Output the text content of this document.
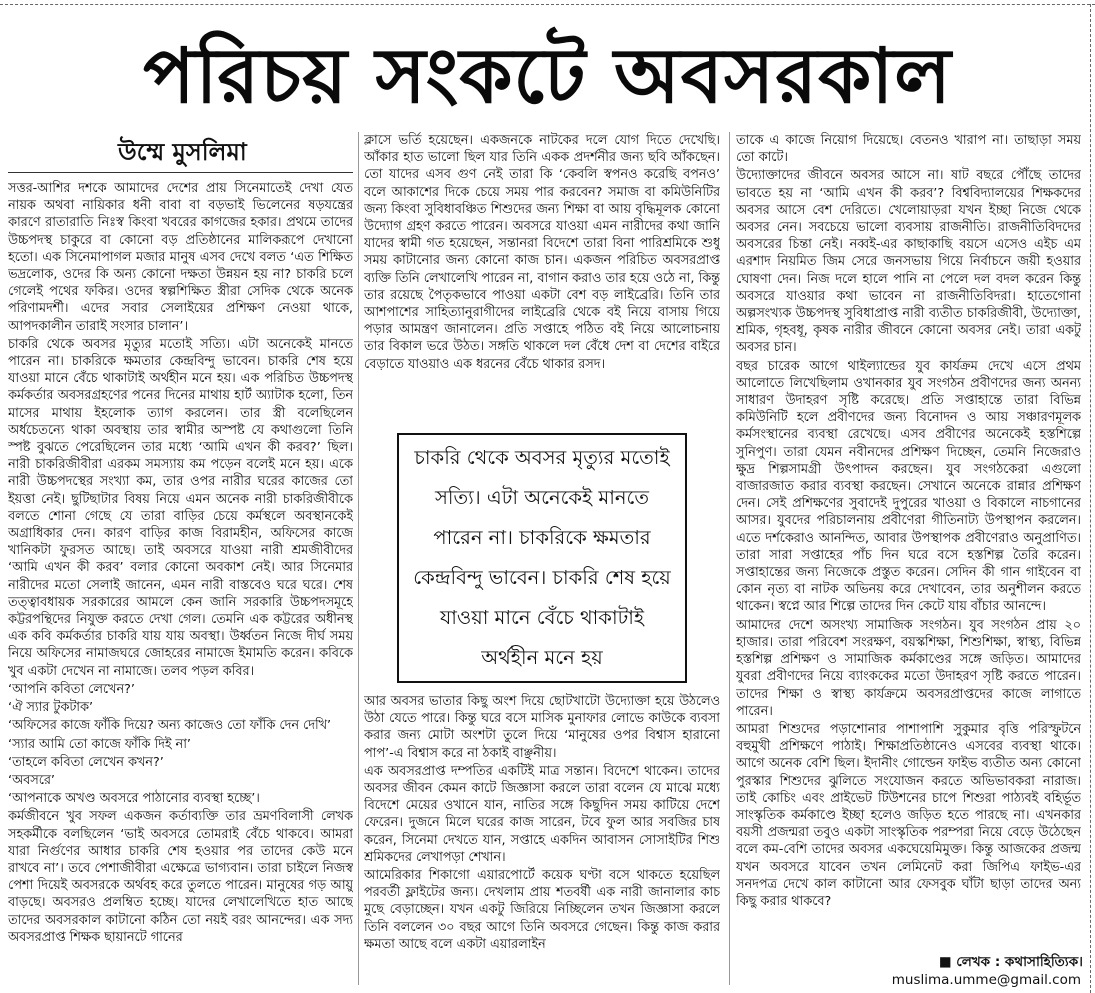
পরিচয় সংকটে অবসরকাল
উম্মে মুসলিমা

সত্তর-আশির দশকে আমাদের দেশের প্রায় সিনেমাতেই দেখা যেত নায়ক অথবা নায়িকার ধনী বাবা বা বড়ভাই ভিলেনের ষড়যন্ত্রের কারণে রাতারাতি নিঃস্ব কিংবা খবরের কাগজের হকার। প্রথমে তাদের উচ্চপদস্থ চাকুরে বা কোনো বড় প্রতিষ্ঠানের মালিকরূপে দেখানো হতো। এক সিনেমাপাগল মজার মানুষ এসব দেখে বলত ‘এত শিক্ষিত ভদ্রলোক, ওদের কি অন্য কোনো দক্ষতা উন্নয়ন হয় না? চাকরি চলে গেলেই পথের ফকির। ওদের স্বল্পশিক্ষিত স্ত্রীরা সেদিক থেকে অনেক পরিণামদর্শী। এদের সবার সেলাইয়ের প্রশিক্ষণ নেওয়া থাকে, আপদকালীন তারাই সংসার চালান’।

চাকরি থেকে অবসর মৃত্যুর মতোই সত্যি। এটা অনেকেই মানতে পারেন না। চাকরিকে ক্ষমতার কেন্দ্রবিন্দু ভাবেন। চাকরি শেষ হয়ে যাওয়া মানে বেঁচে থাকাটাই অর্থহীন মনে হয়। এক পরিচিত উচ্চপদস্থ কর্মকর্তার অবসরগ্রহণের পনের দিনের মাথায় হার্ট অ্যাটাক হলো, তিন মাসের মাথায় ইহলোক ত্যাগ করলেন। তার স্ত্রী বলেছিলেন অর্ধচেতন্যে থাকা অবস্থায় তার স্বামীর অস্পষ্ট যে কথাগুলো তিনি স্পষ্ট বুঝতে পেরেছিলেন তার মধ্যে ‘আমি এখন কী করব?’ ছিল। নারী চাকরিজীবীরা এরকম সমস্যায় কম পড়েন বলেই মনে হয়। একে নারী উচ্চপদস্থের সংখ্যা কম, তার ওপর নারীর ঘরের কাজের তো ইয়ত্তা নেই। ছুটিছাটার বিষয় নিয়ে এমন অনেক নারী চাকরিজীবীকে বলতে শোনা গেছে যে তারা বাড়ির চেয়ে কর্মস্থলে অবস্থানকেই অগ্রাধিকার দেন। কারণ বাড়ির কাজ বিরামহীন, অফিসের কাজে খানিকটা ফুরসত আছে। তাই অবসরে যাওয়া নারী শ্রমজীবীদের ‘আমি এখন কী করব’ বলার কোনো অবকাশ নেই। আর সিনেমার নারীদের মতো সেলাই জানেন, এমন নারী বাস্তবেও ঘরে ঘরে। শেষ তত্ত্বাবধায়ক সরকারের আমলে কেন জানি সরকারি উচ্চপদসমূহে কট্টরপন্থিদের নিযুক্ত করতে দেখা গেল। তেমনি এক কট্টরের অধীনস্থ এক কবি কর্মকর্তার চাকরি যায় যায় অবস্থা। উর্ধ্বতন নিজে দীর্ঘ সময় নিয়ে অফিসের নামাজঘরে জোহরের নামাজে ইমামতি করেন। কবিকে খুব একটা দেখেন না নামাজে। তলব পড়ল কবির।

‘আপনি কবিতা লেখেন?’

‘ঐ স্যার টুকটাক’

‘অফিসের কাজে ফাঁকি দিয়ে? অন্য কাজেও তো ফাঁকি দেন দেখি’

‘স্যার আমি তো কাজে ফাঁকি দিই না’

‘তাহলে কবিতা লেখেন কখন?’

‘অবসরে’

‘আপনাকে অখণ্ড অবসরে পাঠানোর ব্যবস্থা হচ্ছে’।

কর্মজীবনে খুব সফল একজন কর্তাব্যক্তি তার ভ্রমণবিলাসী লেখক সহকর্মীকে বলছিলেন ‘ভাই অবসরে তোমরাই বেঁচে থাকবে। আমরা যারা নির্গুণের আধার চাকরি শেষ হওয়ার পর তাদের কেউ মনে রাখবে না’। তবে পেশাজীবীরা এক্ষেত্রে ভাগ্যবান। তারা চাইলে নিজস্ব পেশা দিয়েই অবসরকে অর্থবহ করে তুলতে পারেন। মানুষের গড় আয়ু বাড়ছে। অবসরও প্রলম্বিত হচ্ছে। যাদের লেখালেখিতে হাত আছে তাদের অবসরকাল কাটানো কঠিন তো নয়ই বরং আনন্দের। এক সদ্য অবসরপ্রাপ্ত শিক্ষক ছায়ানটে গানের

ক্লাসে ভর্তি হয়েছেন। একজনকে নাটকের দলে যোগ দিতে দেখেছি। আঁকার হাত ভালো ছিল যার তিনি একক প্রদর্শনীর জন্য ছবি আঁকছেন। তো যাদের এসব গুণ নেই তারা কি ‘কেবলি স্বপনও করেছি বপনও’ বলে আকাশের দিকে চেয়ে সময় পার করবেন? সমাজ বা কমিউনিটির জন্য কিংবা সুবিধাবঞ্চিত শিশুদের জন্য শিক্ষা বা আয় বৃদ্ধিমূলক কোনো উদ্যোগ গ্রহণ করতে পারেন। অবসরে যাওয়া এমন নারীদের কথা জানি যাদের স্বামী গত হয়েছেন, সন্তানরা বিদেশে তারা বিনা পারিশ্রমিকে শুধু সময় কাটানোর জন্য কোনো কাজ চান। একজন পরিচিত অবসরপ্রাপ্ত ব্যক্তি তিনি লেখালেখি পারেন না, বাগান করাও তার হয়ে ওঠে না, কিন্তু তার রয়েছে পৈতৃকভাবে পাওয়া একটা বেশ বড় লাইব্রেরি। তিনি তার আশপাশের সাহিত্যানুরাগীদের লাইব্রেরি থেকে বই নিয়ে বাসায় গিয়ে পড়ার আমন্ত্রণ জানালেন। প্রতি সপ্তাহে পঠিত বই নিয়ে আলোচনায় তার বিকাল ভরে উঠত। সঙ্গতি থাকলে দল বেঁধে দেশ বা দেশের বাইরে বেড়াতে যাওয়াও এক ধরনের বেঁচে থাকার রসদ।

চাকরি থেকে অবসর মৃত্যুর মতোই সত্যি। এটা অনেকেই মানতে পারেন না। চাকরিকে ক্ষমতার কেন্দ্রবিন্দু ভাবেন। চাকরি শেষ হয়ে যাওয়া মানে বেঁচে থাকাটাই অর্থহীন মনে হয়

আর অবসর ভাতার কিছু অংশ দিয়ে ছোটখাটো উদ্যোক্তা হয়ে উঠলেও উঠা যেতে পারে। কিন্তু ঘরে বসে মাসিক মুনাফার লোভে কাউকে ব্যবসা করার জন্য মোটা অংশটা তুলে দিয়ে ‘মানুষের ওপর বিশ্বাস হারানো পাপ’-এ বিশ্বাস করে না ঠকাই বাঞ্ছনীয়।

এক অবসরপ্রাপ্ত দম্পতির একটিই মাত্র সন্তান। বিদেশে থাকেন। তাদের অবসর জীবন কেমন কাটে জিজ্ঞাসা করলে তারা বলেন যে মাঝে মধ্যে বিদেশে মেয়ের ওখানে যান, নাতির সঙ্গে কিছুদিন সময় কাটিয়ে দেশে ফেরেন। দুজনে মিলে ঘরের কাজ সারেন, টবে ফুল আর সবজির চাষ করেন, সিনেমা দেখতে যান, সপ্তাহে একদিন আবাসন সোসাইটির শিশু শ্রমিকদের লেখাপড়া শেখান।

আমেরিকার শিকাগো এয়ারপোর্টে কয়েক ঘণ্টা বসে থাকতে হয়েছিল পরবর্তী ফ্লাইটের জন্য। দেখলাম প্রায় শতবর্ষী এক নারী জানালার কাচ মুছে বেড়াচ্ছেন। যখন একটু জিরিয়ে নিচ্ছিলেন তখন জিজ্ঞাসা করলে তিনি বললেন ৩০ বছর আগে তিনি অবসরে গেছেন। কিন্তু কাজ করার ক্ষমতা আছে বলে একটা এয়ারলাইন

তাকে এ কাজে নিয়োগ দিয়েছে। বেতনও খারাপ না। তাছাড়া সময় তো কাটে।

উদ্যোক্তাদের জীবনে অবসর আসে না। ষাট বছরে পৌঁছে তাদের ভাবতে হয় না ‘আমি এখন কী করব’? বিশ্ববিদ্যালয়ের শিক্ষকদের অবসর আসে বেশ দেরিতে। খেলোয়াড়রা যখন ইচ্ছা নিজে থেকে অবসর নেন। সবচেয়ে ভালো ব্যবসায় রাজনীতি। রাজনীতিবিদদের অবসরের চিন্তা নেই। নব্বই-এর কাছাকাছি বয়সে এসেও এইচ এম এরশাদ নিয়মিত জিম সেরে জনসভায় গিয়ে নির্বাচনে জয়ী হওয়ার ঘোষণা দেন। নিজ দলে হালে পানি না পেলে দল বদল করেন কিন্তু অবসরে যাওয়ার কথা ভাবেন না রাজনীতিবিদরা। হাতেগোনা অল্পসংখ্যক উচ্চপদস্থ সুবিধাপ্রাপ্ত নারী ব্যতীত চাকরিজীবী, উদ্যোক্তা, শ্রমিক, গৃহবধূ, কৃষক নারীর জীবনে কোনো অবসর নেই। তারা একটু অবসর চান।

বছর চারেক আগে থাইল্যান্ডের যুব কার্যক্রম দেখে এসে প্রথম আলোতে লিখেছিলাম ওখানকার যুব সংগঠন প্রবীণদের জন্য অনন্য সাধারণ উদাহরণ সৃষ্টি করেছে। প্রতি সপ্তাহান্তে তারা বিভিন্ন কমিউনিটি হলে প্রবীণদের জন্য বিনোদন ও আয় সঞ্চারণমূলক কর্মসংস্থানের ব্যবস্থা রেখেছে। এসব প্রবীণের অনেকেই হস্তশিল্পে সুনিপুণ। তারা যেমন নবীনদের প্রশিক্ষণ দিচ্ছেন, তেমনি নিজেরাও ক্ষুদ্র শিল্পসামগ্রী উৎপাদন করছেন। যুব সংগঠকেরা এগুলো বাজারজাত করার ব্যবস্থা করছেন। সেখানে অনেকে রান্নার প্রশিক্ষণ দেন। সেই প্রশিক্ষণের সুবাদেই দুপুরের খাওয়া ও বিকালে নাচগানের আসর। যুবদের পরিচালনায় প্রবীণেরা গীতিনাট্য উপস্থাপন করলেন। এতে দর্শকেরাও আনন্দিত, আবার উপস্থাপক প্রবীণেরাও অনুপ্রাণিত। তারা সারা সপ্তাহের পাঁচ দিন ঘরে বসে হস্তশিল্প তৈরি করেন। সপ্তাহান্তের জন্য নিজেকে প্রস্তুত করেন। সেদিন কী গান গাইবেন বা কোন নৃত্য বা নাটক অভিনয় করে দেখাবেন, তার অনুশীলন করতে থাকেন। স্বপ্নে আর শিল্পে তাদের দিন কেটে যায় বাঁচার আনন্দে।

আমাদের দেশে অসংখ্য সামাজিক সংগঠন। যুব সংগঠন প্রায় ২০ হাজার। তারা পরিবেশ সংরক্ষণ, বয়স্কশিক্ষা, শিশুশিক্ষা, স্বাস্থ্য, বিভিন্ন হস্তশিল্প প্রশিক্ষণ ও সামাজিক কর্মকাণ্ডের সঙ্গে জড়িত। আমাদের যুবরা প্রবীণদের নিয়ে ব্যাংককের মতো উদাহরণ সৃষ্টি করতে পারেন। তাদের শিক্ষা ও স্বাস্থ্য কার্যক্রমে অবসরপ্রাপ্তদের কাজে লাগাতে পারেন।

আমরা শিশুদের পড়াশোনার পাশাপাশি সুকুমার বৃত্তি পরিস্ফুটনে বহুমুখী প্রশিক্ষণে পাঠাই। শিক্ষাপ্রতিষ্ঠানেও এসবের ব্যবস্থা থাকে। আগে অনেক বেশি ছিল। ইদানীং গোল্ডেন ফাইভ ব্যতীত অন্য কোনো পুরস্কার শিশুদের ঝুলিতে সংযোজন করতে অভিভাবকরা নারাজ। তাই কোচিং এবং প্রাইভেট টিউশনের চাপে শিশুরা পাঠ্যবই বহির্ভূত সাংস্কৃতিক কর্মকাণ্ডে ইচ্ছা হলেও জড়িত হতে পারছে না। এখনকার বয়সী প্রজন্মরা তবুও একটা সাংস্কৃতিক পরম্পরা নিয়ে বেড়ে উঠেছেন বলে কম-বেশি তাদের অবসর একঘেয়েমিমুক্ত। কিন্তু আজকের প্রজন্ম যখন অবসরে যাবেন তখন লেমিনেট করা জিপিএ ফাইভ-এর সনদপত্র দেখে কাল কাটানো আর ফেসবুক ঘাঁটা ছাড়া তাদের অন্য কিছু করার থাকবে?

■ লেখক : কথাসাহিত্যিক।

muslima.umme@gmail.com
